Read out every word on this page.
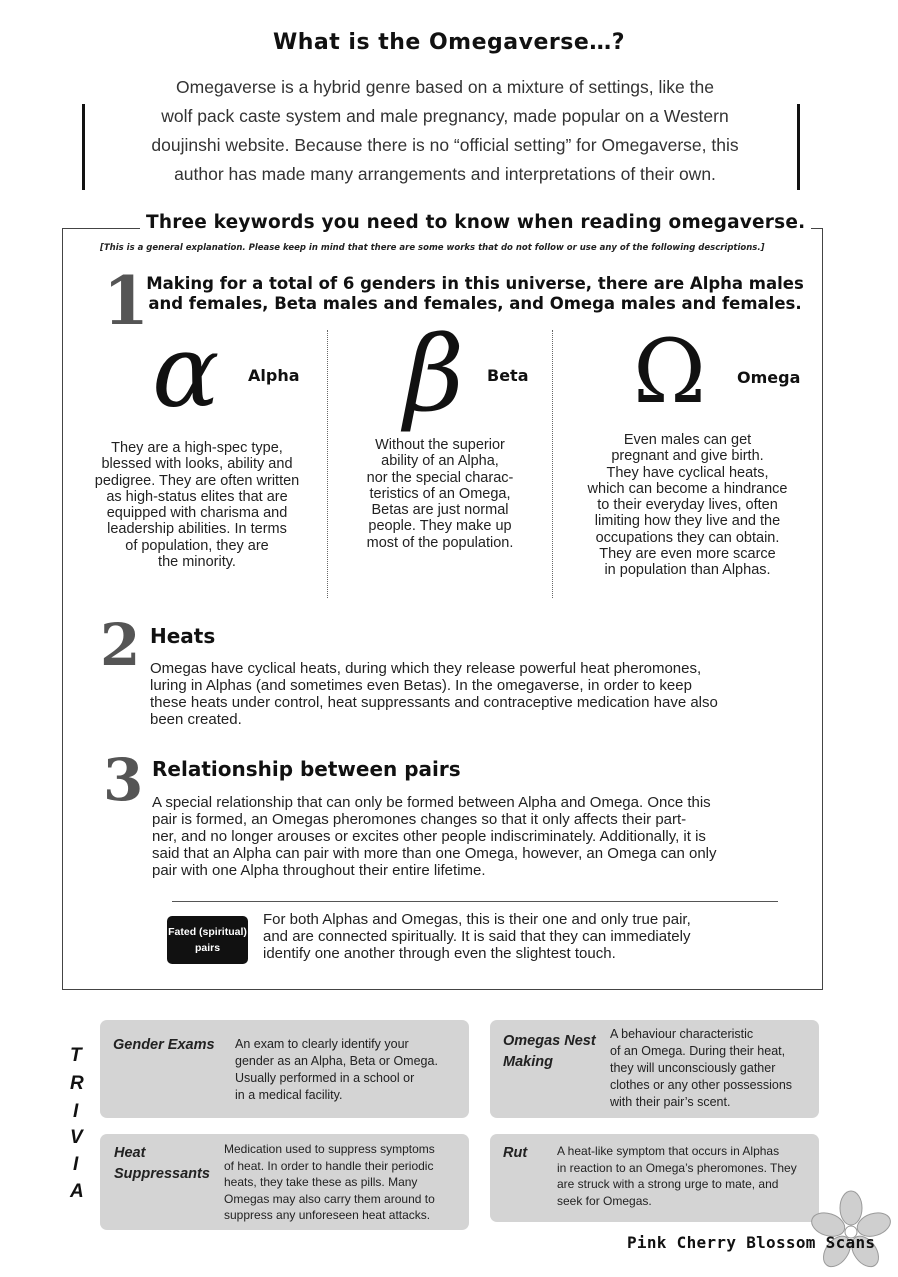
What is the Omegaverse…?
Omegaverse is a hybrid genre based on a mixture of settings, like the
wolf pack caste system and male pregnancy, made popular on a Western
doujinshi website. Because there is no “official setting” for Omegaverse, this
author has made many arrangements and interpretations of their own.
Three keywords you need to know when reading omegaverse.
[This is a general explanation. Please keep in mind that there are some works that do not follow or use any of the following descriptions.]
1
Making for a total of 6 genders in this universe, there are Alpha males
and females, Beta males and females, and Omega males and females.
α Alpha
They are a high-spec type,
blessed with looks, ability and
pedigree. They are often written
as high-status elites that are
equipped with charisma and
leadership abilities. In terms
of population, they are
the minority.
β Beta
Without the superior
ability of an Alpha,
nor the special charac-
teristics of an Omega,
Betas are just normal
people. They make up
most of the population.
Ω Omega
Even males can get
pregnant and give birth.
They have cyclical heats,
which can become a hindrance
to their everyday lives, often
limiting how they live and the
occupations they can obtain.
They are even more scarce
in population than Alphas.
2 Heats
Omegas have cyclical heats, during which they release powerful heat pheromones,
luring in Alphas (and sometimes even Betas). In the omegaverse, in order to keep
these heats under control, heat suppressants and contraceptive medication have also
been created.
3 Relationship between pairs
A special relationship that can only be formed between Alpha and Omega. Once this
pair is formed, an Omegas pheromones changes so that it only affects their part-
ner, and no longer arouses or excites other people indiscriminately. Additionally, it is
said that an Alpha can pair with more than one Omega, however, an Omega can only
pair with one Alpha throughout their entire lifetime.
Fated (spiritual)
pairs
For both Alphas and Omegas, this is their one and only true pair,
and are connected spiritually. It is said that they can immediately
identify one another through even the slightest touch.
T
R
I
V
I
A
Gender Exams An exam to clearly identify your
gender as an Alpha, Beta or Omega.
Usually performed in a school or
in a medical facility.
Omegas Nest
Making
A behaviour characteristic
of an Omega. During their heat,
they will unconsciously gather
clothes or any other possessions
with their pair’s scent.
Heat
Suppressants
Medication used to suppress symptoms
of heat. In order to handle their periodic
heats, they take these as pills. Many
Omegas may also carry them around to
suppress any unforeseen heat attacks.
Rut A heat-like symptom that occurs in Alphas
in reaction to an Omega’s pheromones. They
are struck with a strong urge to mate, and
seek for Omegas.
Pink Cherry Blossom Scans
